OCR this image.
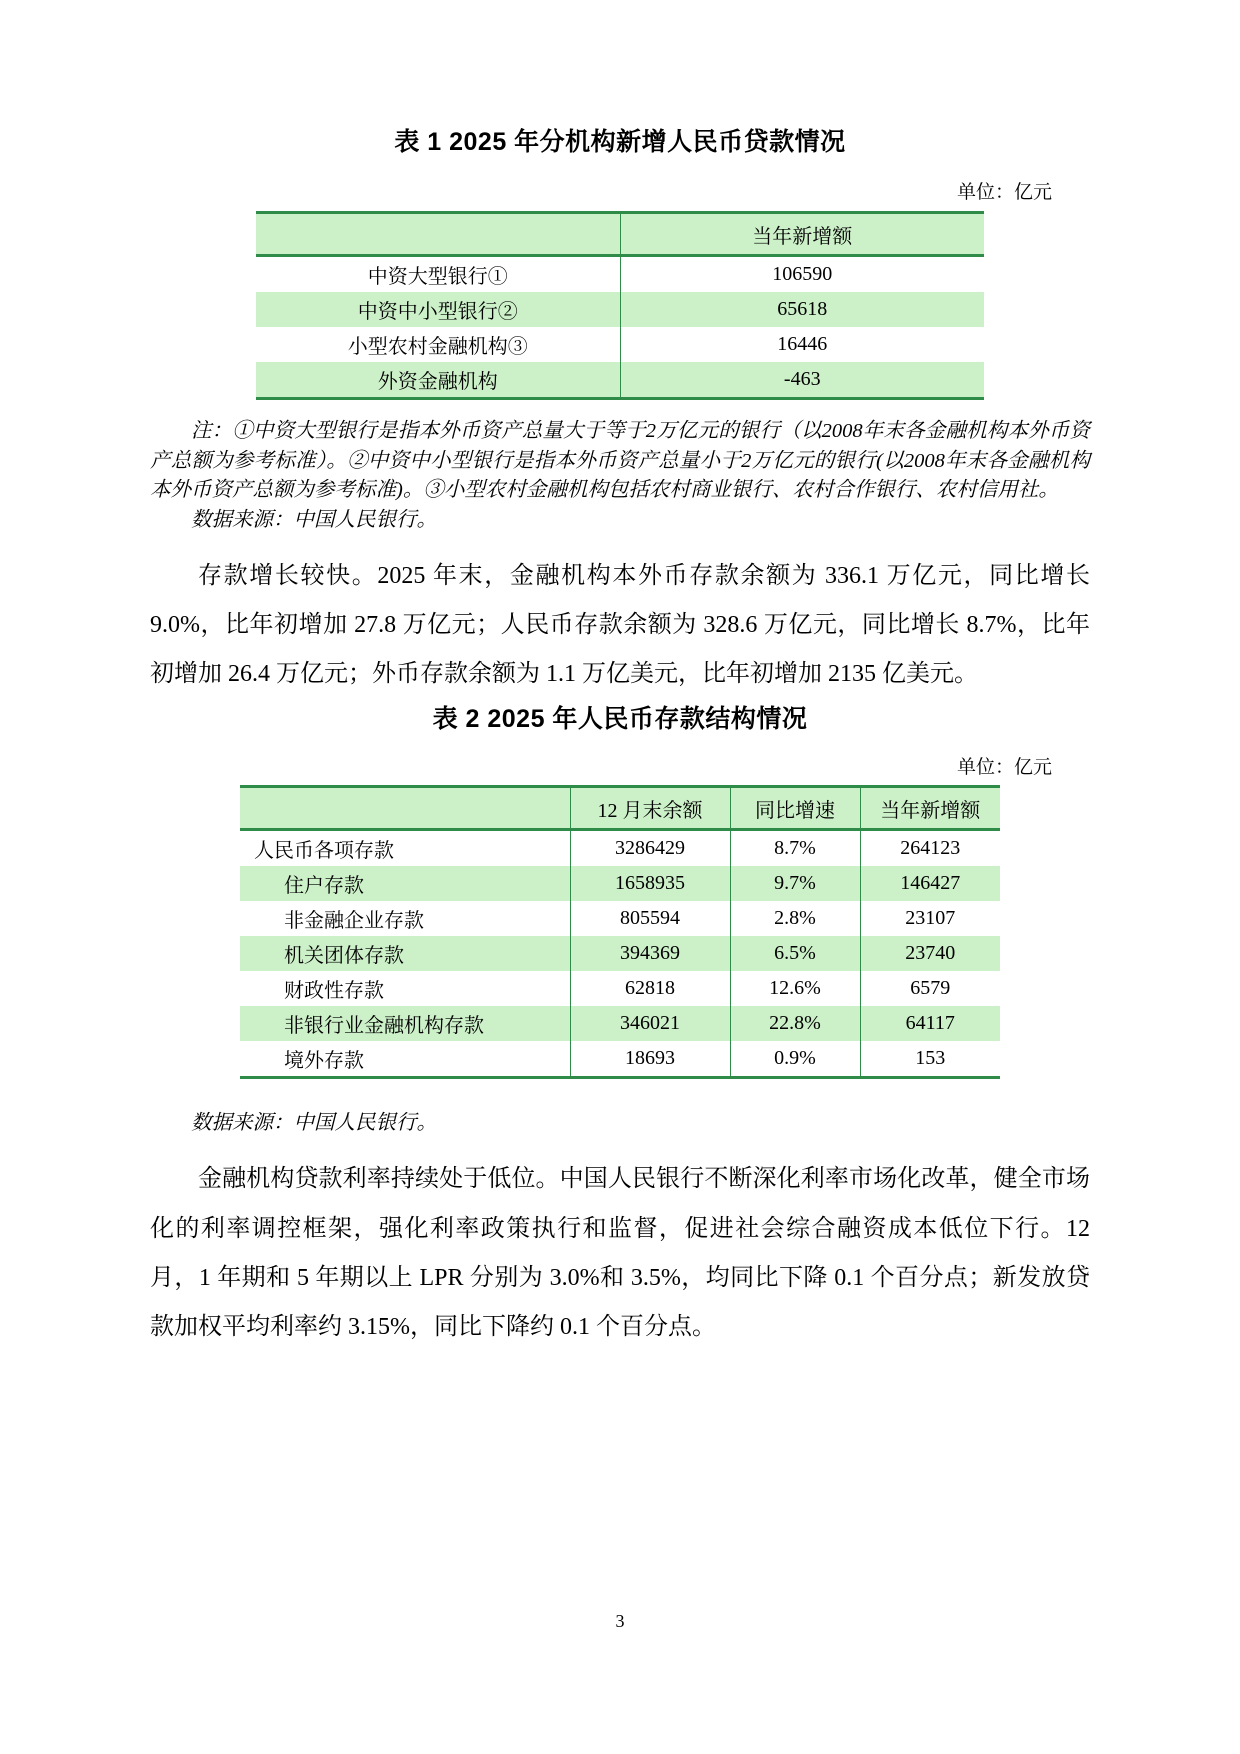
表 1 2025 年分机构新增人民币贷款情况
单位：亿元
	当年新增额
中资大型银行①	106590
中资中小型银行②	65618
小型农村金融机构③	16446
外资金融机构	-463

注：①中资大型银行是指本外币资产总量大于等于2万亿元的银行（以2008年末各金融机构本外币资产总额为参考标准）。②中资中小型银行是指本外币资产总量小于2万亿元的银行(以2008年末各金融机构本外币资产总额为参考标准)。③小型农村金融机构包括农村商业银行、农村合作银行、农村信用社。

数据来源：中国人民银行。

存款增长较快。2025 年末，金融机构本外币存款余额为 336.1 万亿元，同比增长 9.0%，比年初增加 27.8 万亿元；人民币存款余额为 328.6 万亿元，同比增长 8.7%，比年初增加 26.4 万亿元；外币存款余额为 1.1 万亿美元，比年初增加 2135 亿美元。

表 2 2025 年人民币存款结构情况
单位：亿元
	12 月末余额	同比增速	当年新增额
人民币各项存款	3286429	8.7%	264123
住户存款	1658935	9.7%	146427
非金融企业存款	805594	2.8%	23107
机关团体存款	394369	6.5%	23740
财政性存款	62818	12.6%	6579
非银行业金融机构存款	346021	22.8%	64117
境外存款	18693	0.9%	153

数据来源：中国人民银行。

金融机构贷款利率持续处于低位。中国人民银行不断深化利率市场化改革，健全市场化的利率调控框架，强化利率政策执行和监督，促进社会综合融资成本低位下行。12 月，1 年期和 5 年期以上 LPR 分别为 3.0%和 3.5%，均同比下降 0.1 个百分点；新发放贷款加权平均利率约 3.15%，同比下降约 0.1 个百分点。

3
